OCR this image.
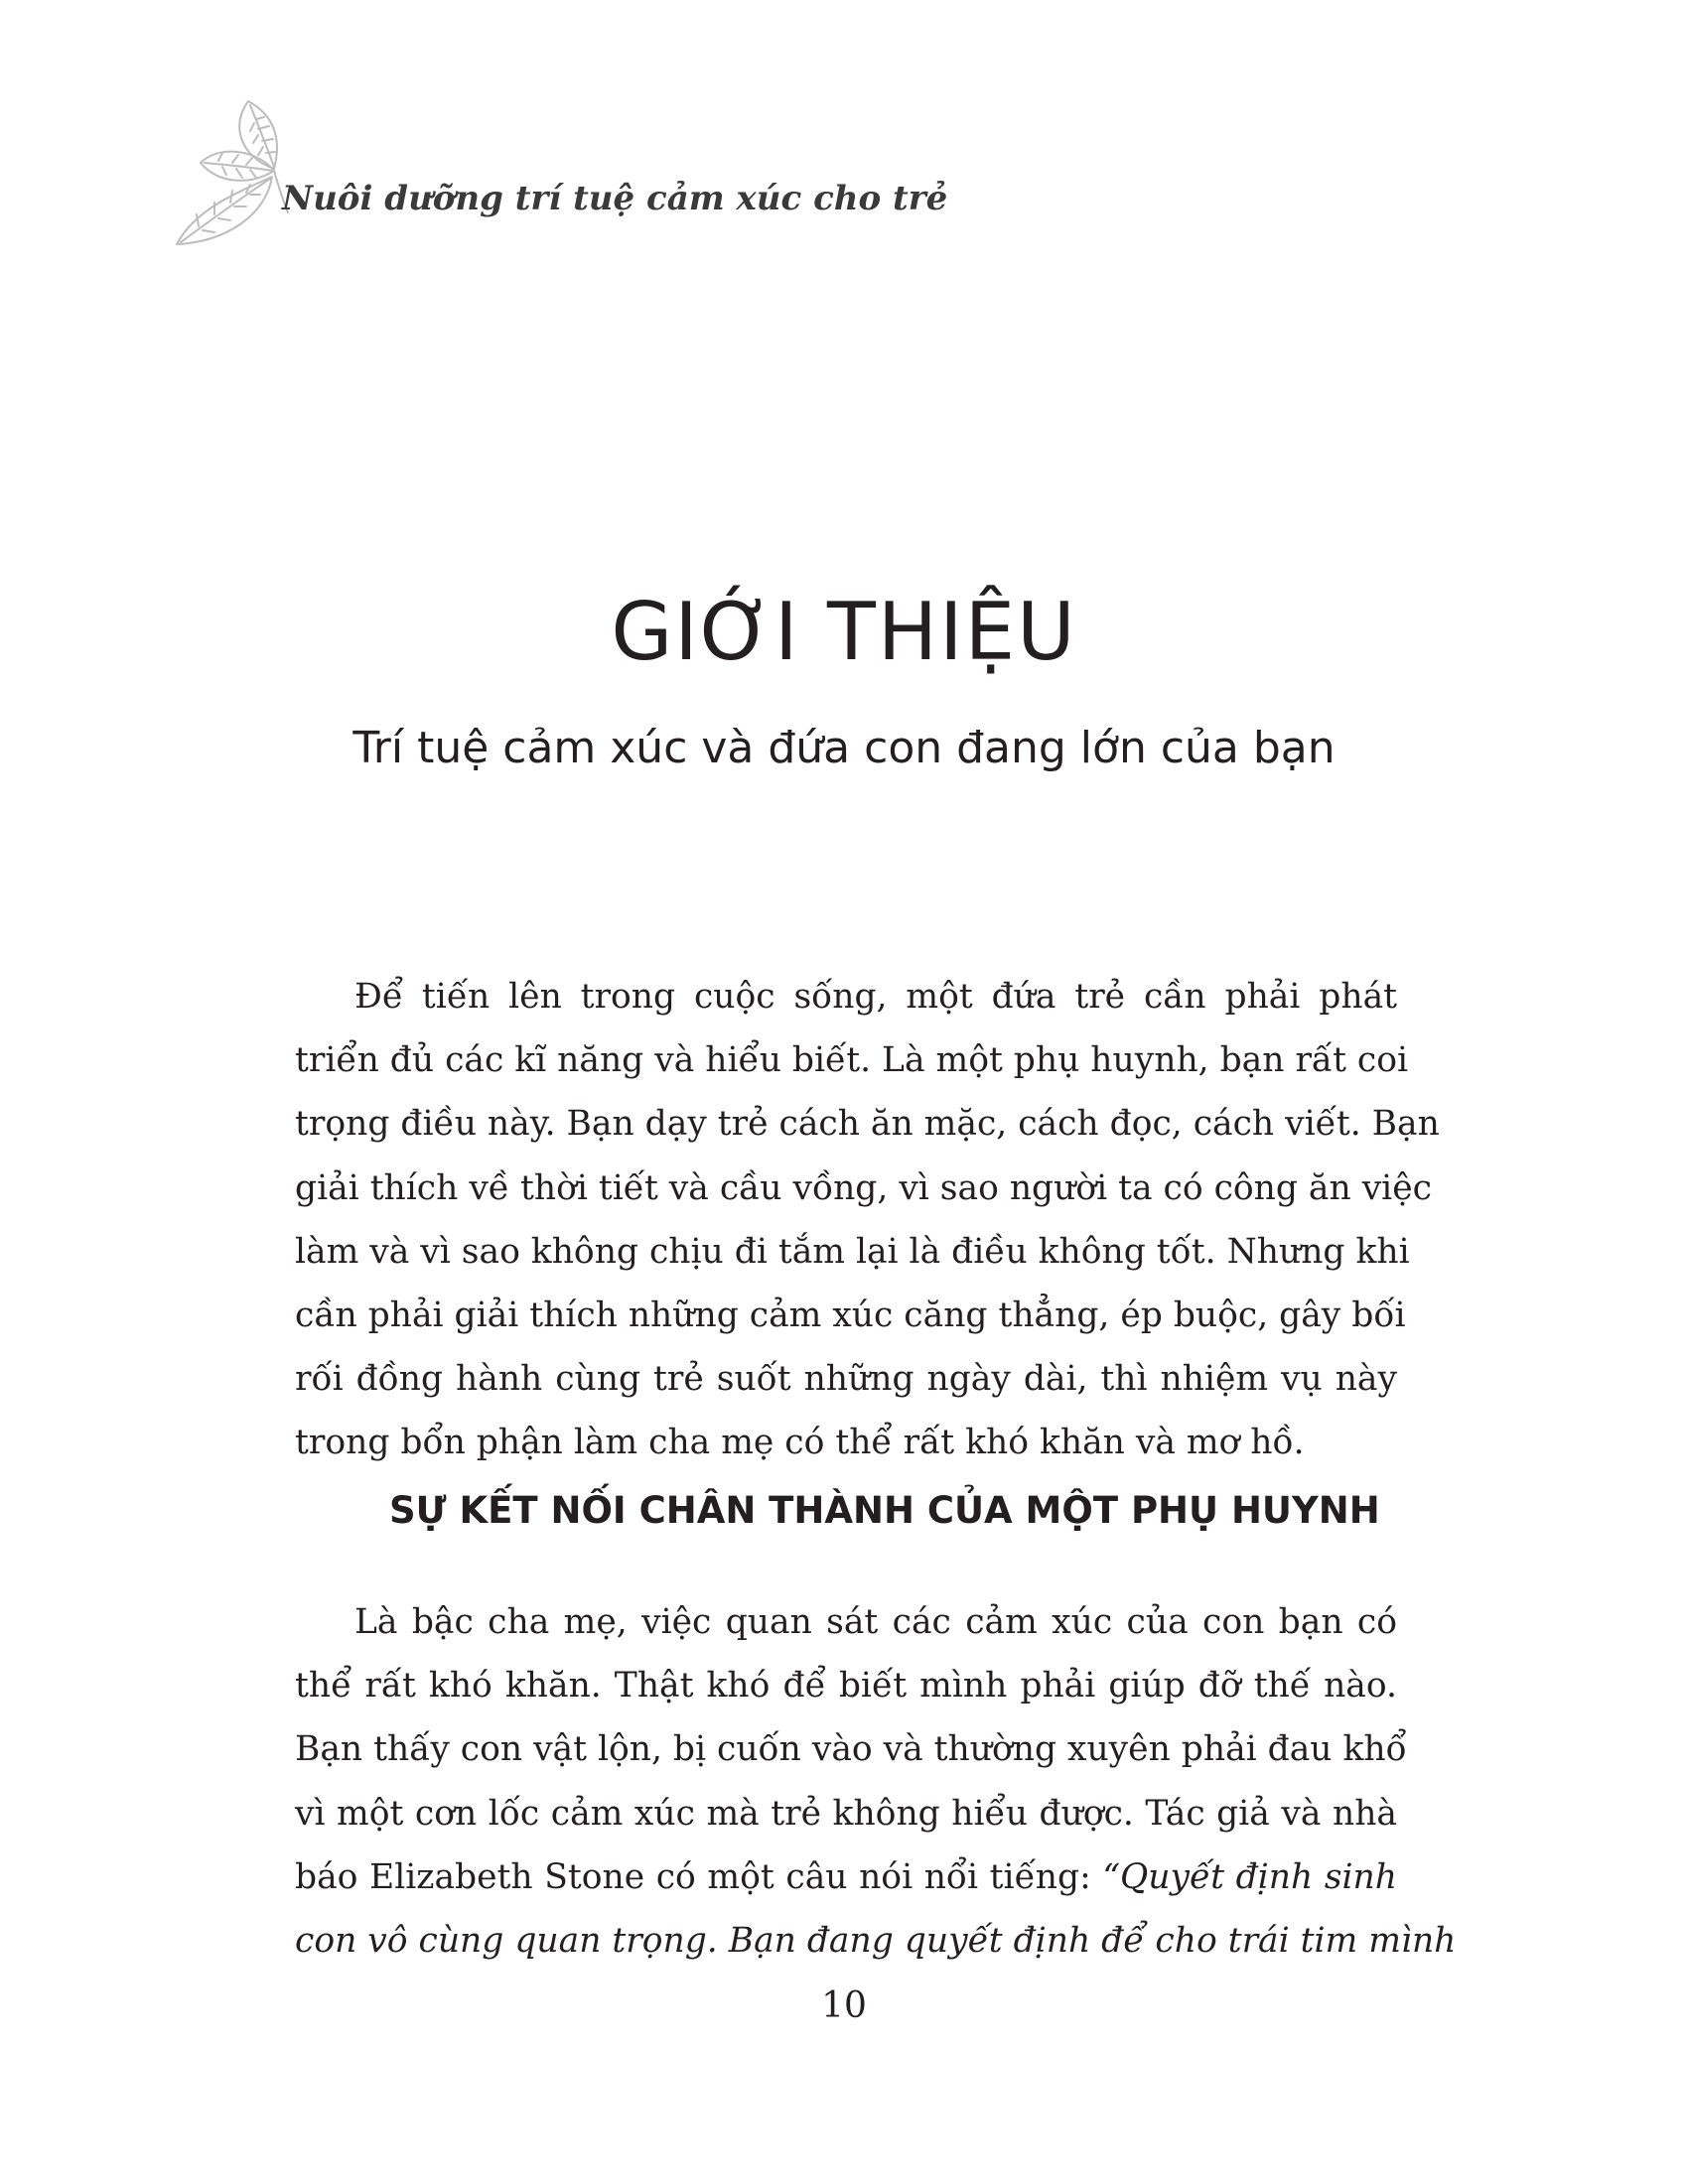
Nuôi dưỡng trí tuệ cảm xúc cho trẻ
GIỚI THIỆU
Trí tuệ cảm xúc và đứa con đang lớn của bạn
Để tiến lên trong cuộc sống, một đứa trẻ cần phải phát
triển đủ các kĩ năng và hiểu biết. Là một phụ huynh, bạn rất coi
trọng điều này. Bạn dạy trẻ cách ăn mặc, cách đọc, cách viết. Bạn
giải thích về thời tiết và cầu vồng, vì sao người ta có công ăn việc
làm và vì sao không chịu đi tắm lại là điều không tốt. Nhưng khi
cần phải giải thích những cảm xúc căng thẳng, ép buộc, gây bối
rối đồng hành cùng trẻ suốt những ngày dài, thì nhiệm vụ này
trong bổn phận làm cha mẹ có thể rất khó khăn và mơ hồ.
SỰ KẾT NỐI CHÂN THÀNH CỦA MỘT PHỤ HUYNH
Là bậc cha mẹ, việc quan sát các cảm xúc của con bạn có
thể rất khó khăn. Thật khó để biết mình phải giúp đỡ thế nào.
Bạn thấy con vật lộn, bị cuốn vào và thường xuyên phải đau khổ
vì một cơn lốc cảm xúc mà trẻ không hiểu được. Tác giả và nhà
báo Elizabeth Stone có một câu nói nổi tiếng: “Quyết định sinh
con vô cùng quan trọng. Bạn đang quyết định để cho trái tim mình
10
